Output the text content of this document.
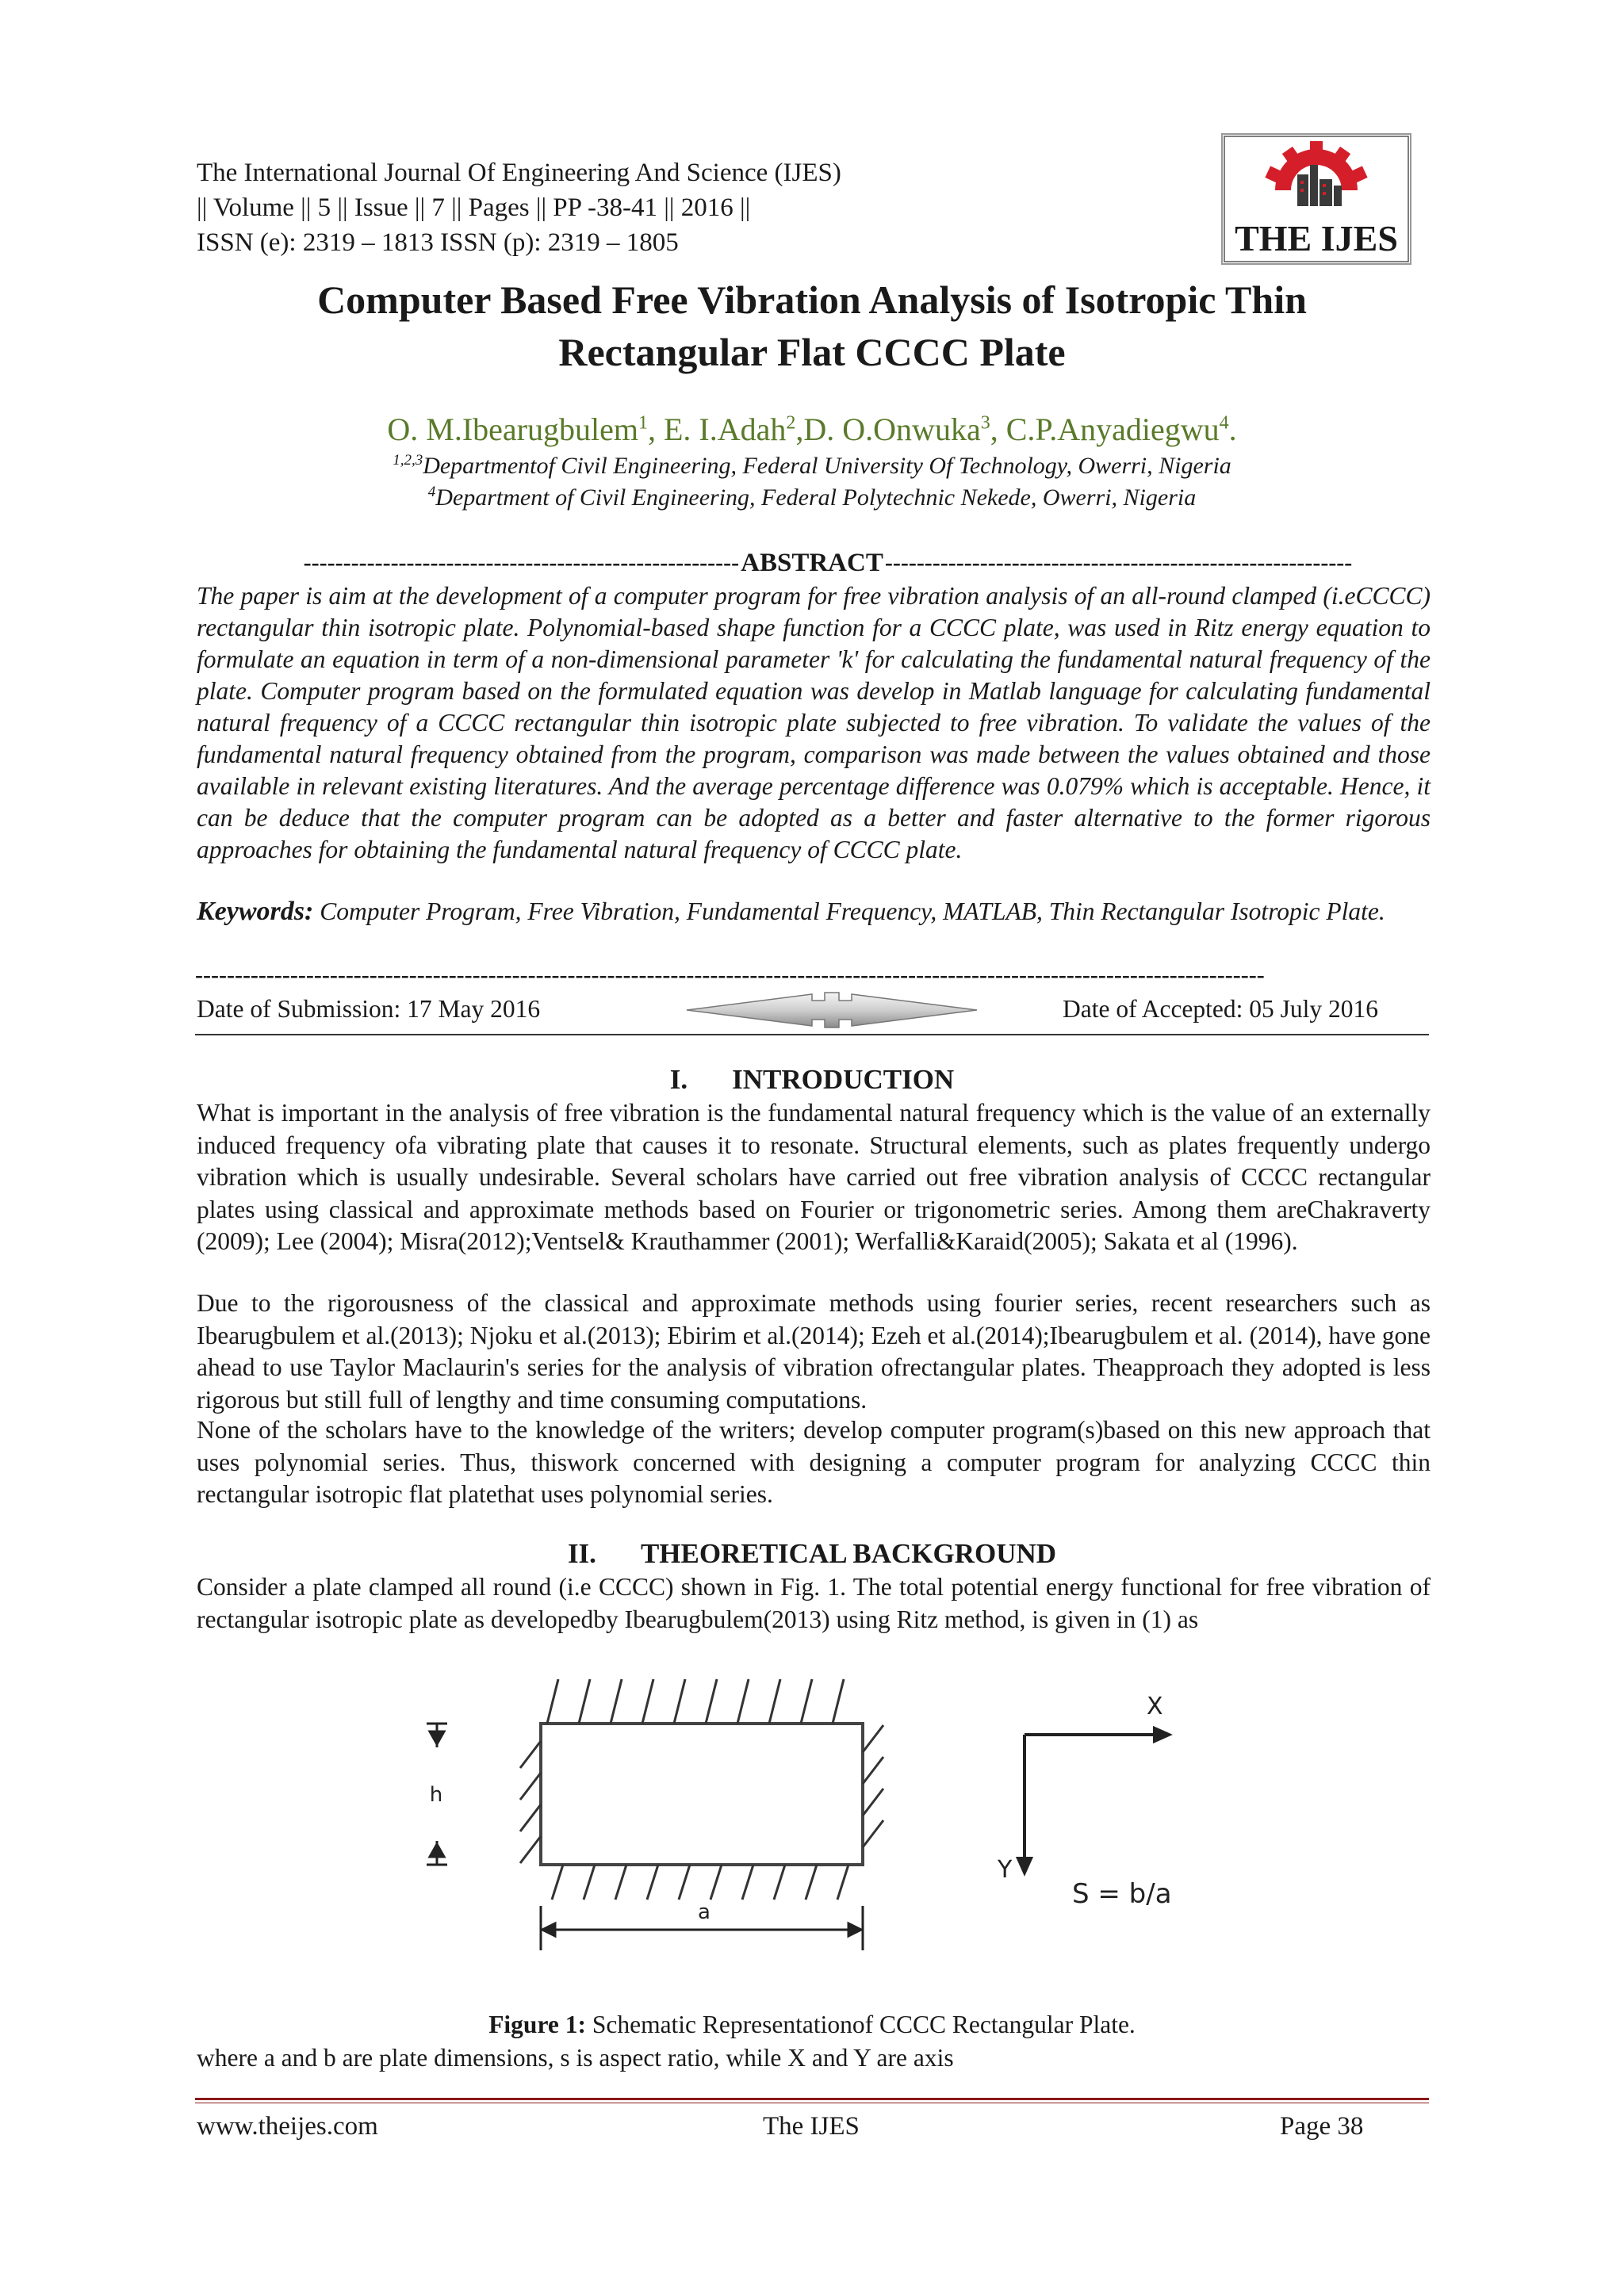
The International Journal Of Engineering And Science (IJES)
|| Volume || 5 || Issue || 7 || Pages || PP -38-41 || 2016 ||
ISSN (e): 2319 – 1813 ISSN (p): 2319 – 1805	THE IJES
Computer Based Free Vibration Analysis of Isotropic Thin
Rectangular Flat CCCC Plate
O. M.Ibearugbulem$^1$, E. I.Adah$^2$,D. O.Onwuka$^3$, C.P.Anyadiegwu$^4$.
$^{1,2,3}$Departmentof Civil Engineering, Federal University Of Technology, Owerri, Nigeria
$^4$Department of Civil Engineering, Federal Polytechnic Nekede, Owerri, Nigeria
------------------------------------------------------- ABSTRACT -----------------------------------------------------------
The paper is aim at the development of a computer program for free vibration analysis of an all-round clamped (i.eCCCC) rectangular thin isotropic plate. Polynomial-based shape function for a CCCC plate, was used in Ritz energy equation to formulate an equation in term of a non-dimensional parameter 'k' for calculating the fundamental natural frequency of the plate. Computer program based on the formulated equation was develop in Matlab language for calculating fundamental natural frequency of a CCCC rectangular thin isotropic plate subjected to free vibration. To validate the values of the fundamental natural frequency obtained from the program, comparison was made between the values obtained and those available in relevant existing literatures. And the average percentage difference was 0.079% which is acceptable. Hence, it can be deduce that the computer program can be adopted as a better and faster alternative to the former rigorous approaches for obtaining the fundamental natural frequency of CCCC plate.
Keywords: Computer Program, Free Vibration, Fundamental Frequency, MATLAB, Thin Rectangular Isotropic Plate.
---------------------------------------------------------------------------------------------------------------------------------------
Date of Submission: 17 May 2016	Date of Accepted: 05 July 2016
I. INTRODUCTION
What is important in the analysis of free vibration is the fundamental natural frequency which is the value of an externally induced frequency ofa vibrating plate that causes it to resonate. Structural elements, such as plates frequently undergo vibration which is usually undesirable. Several scholars have carried out free vibration analysis of CCCC rectangular plates using classical and approximate methods based on Fourier or trigonometric series. Among them areChakraverty (2009); Lee (2004); Misra(2012);Ventsel& Krauthammer (2001); Werfalli&Karaid(2005); Sakata et al (1996).
Due to the rigorousness of the classical and approximate methods using fourier series, recent researchers such as Ibearugbulem et al.(2013); Njoku et al.(2013); Ebirim et al.(2014); Ezeh et al.(2014);Ibearugbulem et al. (2014), have gone ahead to use Taylor Maclaurin's series for the analysis of vibration ofrectangular plates. Theapproach they adopted is less rigorous but still full of lengthy and time consuming computations.
None of the scholars have to the knowledge of the writers; develop computer program(s)based on this new approach that uses polynomial series. Thus, thiswork concerned with designing a computer program for analyzing CCCC thin rectangular isotropic flat platethat uses polynomial series.
II. THEORETICAL BACKGROUND
Consider a plate clamped all round (i.e CCCC) shown in Fig. 1. The total potential energy functional for free vibration of rectangular isotropic plate as developedby Ibearugbulem(2013) using Ritz method, is given in (1) as
h
a
X
Y
S = b/a
Figure 1: Schematic Representationof CCCC Rectangular Plate.
where a and b are plate dimensions, s is aspect ratio, while X and Y are axis
www.theijes.com	The IJES	Page 38
